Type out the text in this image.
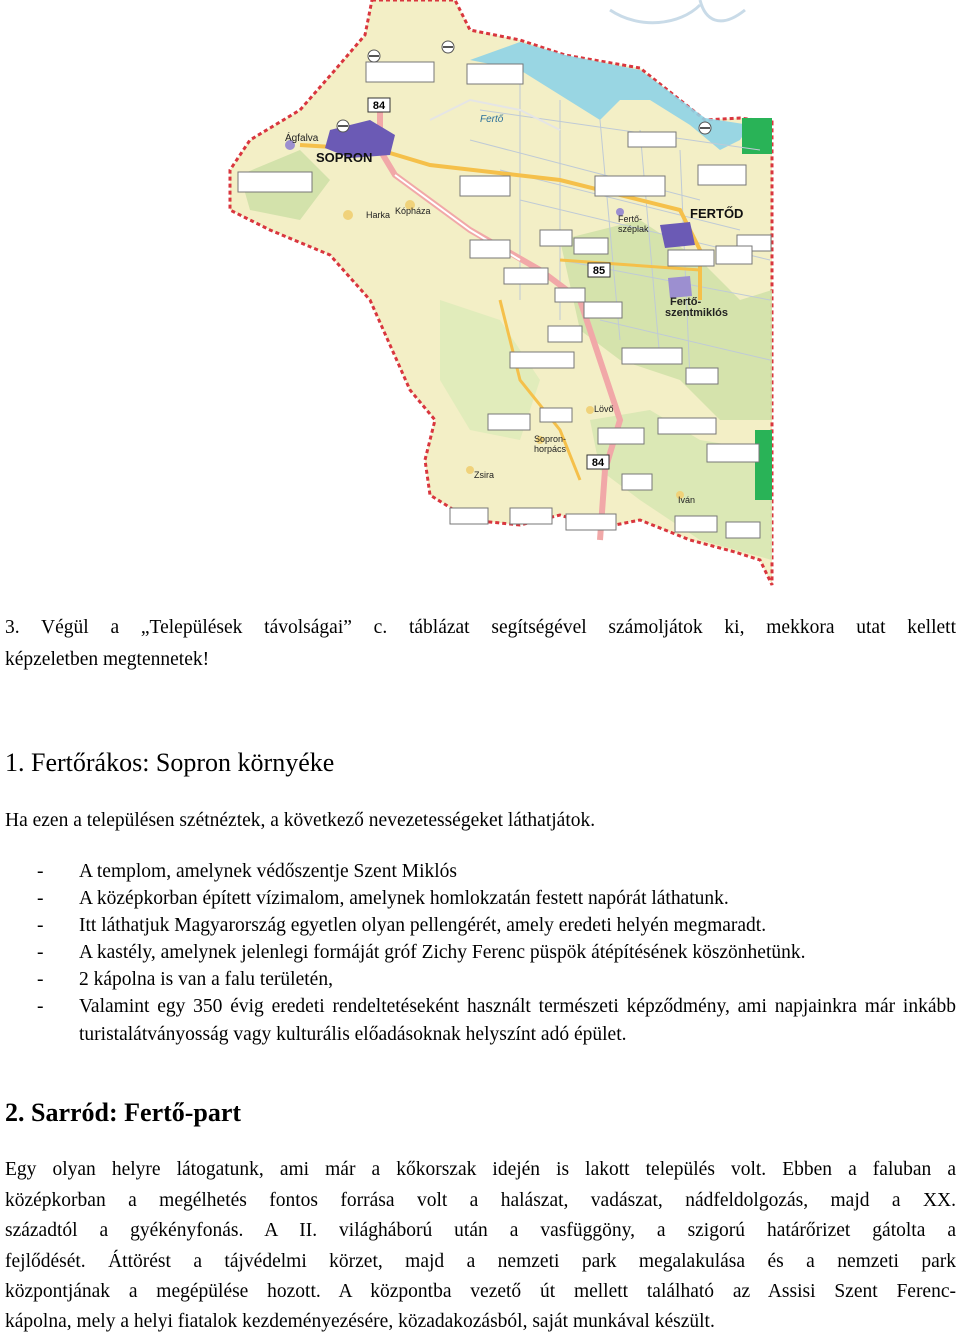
84
85
84
Ágfalva
SOPRON
Fertő
Harka Kópháza
Fertő-széplak
FERTŐD
Fertő-szentmiklós
Lövő
Sopron-horpács
Zsira
Iván

3. Végül a „Települések távolságai” c. táblázat segítségével számoljátok ki, mekkora utat kellett

képzeletben megtennetek!

1. Fertőrákos: Sopron környéke

Ha ezen a településen szétnéztek, a következő nevezetességeket láthatjátok.

- A templom, amelynek védőszentje Szent Miklós
- A középkorban épített vízimalom, amelynek homlokzatán festett napórát láthatunk.
- Itt láthatjuk Magyarország egyetlen olyan pellengérét, amely eredeti helyén megmaradt.
- A kastély, amelynek jelenlegi formáját gróf Zichy Ferenc püspök átépítésének köszönhetünk.
- 2 kápolna is van a falu területén,
- Valamint egy 350 évig eredeti rendeltetéseként használt természeti képződmény, ami napjainkra már inkább turistalátványosság vagy kulturális előadásoknak helyszínt adó épület.
2. Sarród: Fertő-part

Egy olyan helyre látogatunk, ami már a kőkorszak idején is lakott település volt. Ebben a faluban a

középkorban a megélhetés fontos forrása volt a halászat, vadászat, nádfeldolgozás, majd a XX.

századtól a gyékényfonás. A II. világháború után a vasfüggöny, a szigorú határőrizet gátolta a

fejlődését. Áttörést a tájvédelmi körzet, majd a nemzeti park megalakulása és a nemzeti park

központjának a megépülése hozott. A központba vezető út mellett található az Assisi Szent Ferenc-

kápolna, mely a helyi fiatalok kezdeményezésére, közadakozásból, saját munkával készült.
